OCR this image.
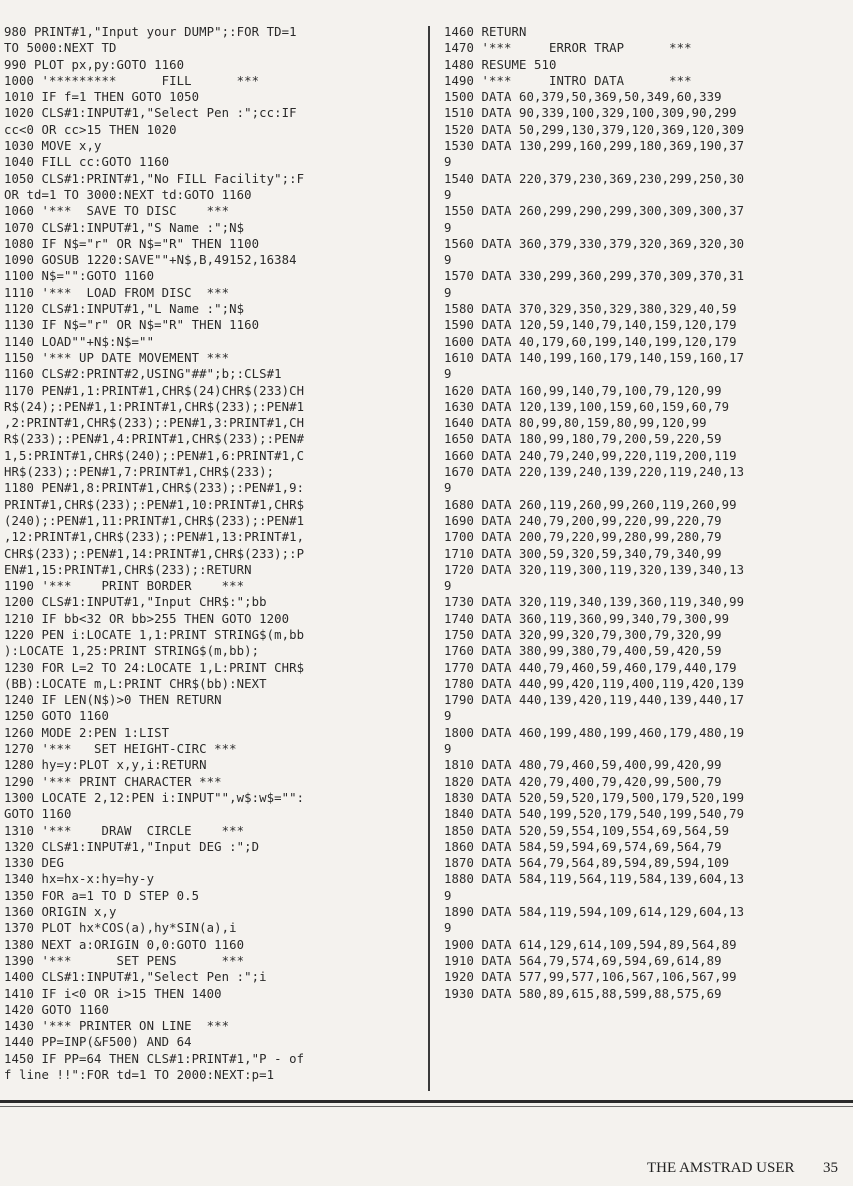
980 PRINT#1,"Input your DUMP";:FOR TD=1
TO 5000:NEXT TD
990 PLOT px,py:GOTO 1160
1000 '*********      FILL      ***
1010 IF f=1 THEN GOTO 1050
1020 CLS#1:INPUT#1,"Select Pen :";cc:IF
cc<0 OR cc>15 THEN 1020
1030 MOVE x,y
1040 FILL cc:GOTO 1160
1050 CLS#1:PRINT#1,"No FILL Facility";:F
OR td=1 TO 3000:NEXT td:GOTO 1160
1060 '***  SAVE TO DISC    ***
1070 CLS#1:INPUT#1,"S Name :";N$
1080 IF N$="r" OR N$="R" THEN 1100
1090 GOSUB 1220:SAVE""+N$,B,49152,16384
1100 N$="":GOTO 1160
1110 '***  LOAD FROM DISC  ***
1120 CLS#1:INPUT#1,"L Name :";N$
1130 IF N$="r" OR N$="R" THEN 1160
1140 LOAD""+N$:N$=""
1150 '*** UP DATE MOVEMENT ***
1160 CLS#2:PRINT#2,USING"##";b;:CLS#1
1170 PEN#1,1:PRINT#1,CHR$(24)CHR$(233)CH
R$(24);:PEN#1,1:PRINT#1,CHR$(233);:PEN#1
,2:PRINT#1,CHR$(233);:PEN#1,3:PRINT#1,CH
R$(233);:PEN#1,4:PRINT#1,CHR$(233);:PEN#
1,5:PRINT#1,CHR$(240);:PEN#1,6:PRINT#1,C
HR$(233);:PEN#1,7:PRINT#1,CHR$(233);
1180 PEN#1,8:PRINT#1,CHR$(233);:PEN#1,9:
PRINT#1,CHR$(233);:PEN#1,10:PRINT#1,CHR$
(240);:PEN#1,11:PRINT#1,CHR$(233);:PEN#1
,12:PRINT#1,CHR$(233);:PEN#1,13:PRINT#1,
CHR$(233);:PEN#1,14:PRINT#1,CHR$(233);:P
EN#1,15:PRINT#1,CHR$(233);:RETURN
1190 '***    PRINT BORDER    ***
1200 CLS#1:INPUT#1,"Input CHR$:";bb
1210 IF bb<32 OR bb>255 THEN GOTO 1200
1220 PEN i:LOCATE 1,1:PRINT STRING$(m,bb
):LOCATE 1,25:PRINT STRING$(m,bb);
1230 FOR L=2 TO 24:LOCATE 1,L:PRINT CHR$
(BB):LOCATE m,L:PRINT CHR$(bb):NEXT
1240 IF LEN(N$)>0 THEN RETURN
1250 GOTO 1160
1260 MODE 2:PEN 1:LIST
1270 '***   SET HEIGHT-CIRC ***
1280 hy=y:PLOT x,y,i:RETURN
1290 '*** PRINT CHARACTER ***
1300 LOCATE 2,12:PEN i:INPUT"",w$:w$="":
GOTO 1160
1310 '***    DRAW  CIRCLE    ***
1320 CLS#1:INPUT#1,"Input DEG :";D
1330 DEG
1340 hx=hx-x:hy=hy-y
1350 FOR a=1 TO D STEP 0.5
1360 ORIGIN x,y
1370 PLOT hx*COS(a),hy*SIN(a),i
1380 NEXT a:ORIGIN 0,0:GOTO 1160
1390 '***      SET PENS      ***
1400 CLS#1:INPUT#1,"Select Pen :";i
1410 IF i<0 OR i>15 THEN 1400
1420 GOTO 1160
1430 '*** PRINTER ON LINE  ***
1440 PP=INP(&F500) AND 64
1450 IF PP=64 THEN CLS#1:PRINT#1,"P - of
f line !!":FOR td=1 TO 2000:NEXT:p=1
1460 RETURN
1470 '***     ERROR TRAP      ***
1480 RESUME 510
1490 '***     INTRO DATA      ***
1500 DATA 60,379,50,369,50,349,60,339
1510 DATA 90,339,100,329,100,309,90,299
1520 DATA 50,299,130,379,120,369,120,309
1530 DATA 130,299,160,299,180,369,190,37
9
1540 DATA 220,379,230,369,230,299,250,30
9
1550 DATA 260,299,290,299,300,309,300,37
9
1560 DATA 360,379,330,379,320,369,320,30
9
1570 DATA 330,299,360,299,370,309,370,31
9
1580 DATA 370,329,350,329,380,329,40,59
1590 DATA 120,59,140,79,140,159,120,179
1600 DATA 40,179,60,199,140,199,120,179
1610 DATA 140,199,160,179,140,159,160,17
9
1620 DATA 160,99,140,79,100,79,120,99
1630 DATA 120,139,100,159,60,159,60,79
1640 DATA 80,99,80,159,80,99,120,99
1650 DATA 180,99,180,79,200,59,220,59
1660 DATA 240,79,240,99,220,119,200,119
1670 DATA 220,139,240,139,220,119,240,13
9
1680 DATA 260,119,260,99,260,119,260,99
1690 DATA 240,79,200,99,220,99,220,79
1700 DATA 200,79,220,99,280,99,280,79
1710 DATA 300,59,320,59,340,79,340,99
1720 DATA 320,119,300,119,320,139,340,13
9
1730 DATA 320,119,340,139,360,119,340,99
1740 DATA 360,119,360,99,340,79,300,99
1750 DATA 320,99,320,79,300,79,320,99
1760 DATA 380,99,380,79,400,59,420,59
1770 DATA 440,79,460,59,460,179,440,179
1780 DATA 440,99,420,119,400,119,420,139
1790 DATA 440,139,420,119,440,139,440,17
9
1800 DATA 460,199,480,199,460,179,480,19
9
1810 DATA 480,79,460,59,400,99,420,99
1820 DATA 420,79,400,79,420,99,500,79
1830 DATA 520,59,520,179,500,179,520,199
1840 DATA 540,199,520,179,540,199,540,79
1850 DATA 520,59,554,109,554,69,564,59
1860 DATA 584,59,594,69,574,69,564,79
1870 DATA 564,79,564,89,594,89,594,109
1880 DATA 584,119,564,119,584,139,604,13
9
1890 DATA 584,119,594,109,614,129,604,13
9
1900 DATA 614,129,614,109,594,89,564,89
1910 DATA 564,79,574,69,594,69,614,89
1920 DATA 577,99,577,106,567,106,567,99
1930 DATA 580,89,615,88,599,88,575,69
THE AMSTRAD USER 35
